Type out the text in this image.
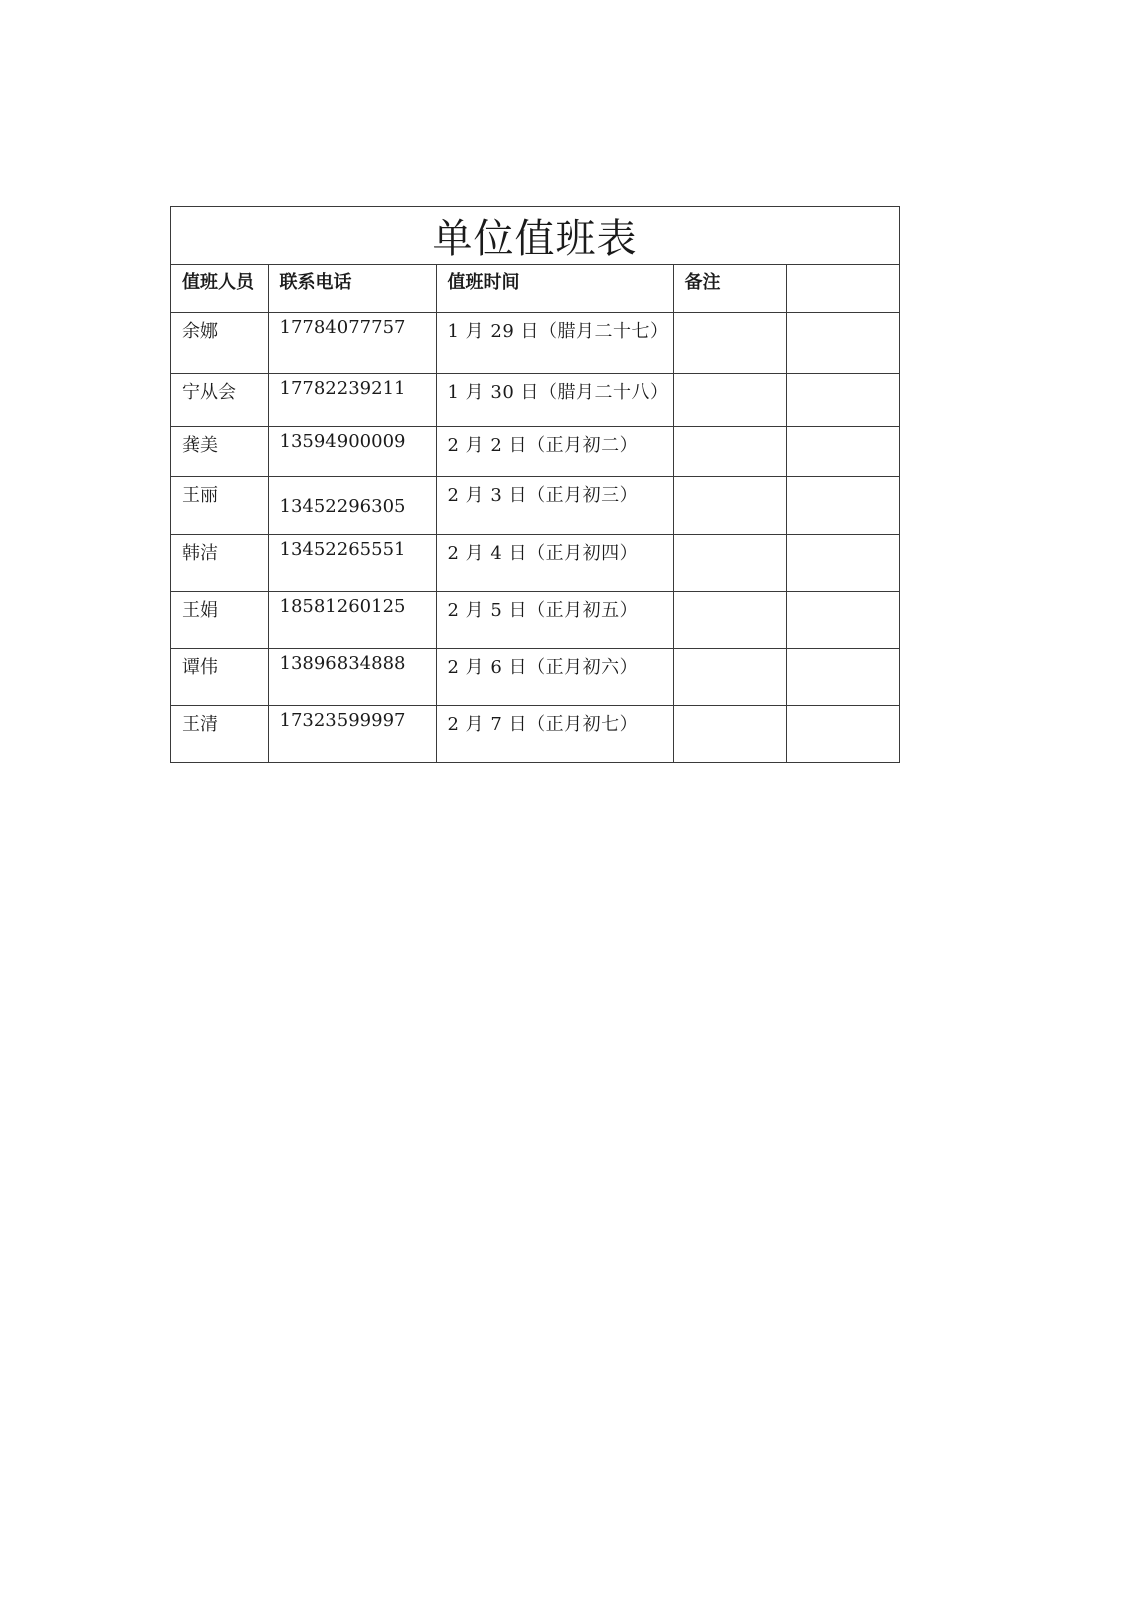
单位值班表
值班人员	联系电话	值班时间	备注	
余娜	17784077757	1 月 29 日（腊月二十七）		
宁从会	17782239211	1 月 30 日（腊月二十八）		
龚美	13594900009	2 月 2 日（正月初二）		
王丽	13452296305	2 月 3 日（正月初三）		
韩洁	13452265551	2 月 4 日（正月初四）		
王娟	18581260125	2 月 5 日（正月初五）		
谭伟	13896834888	2 月 6 日（正月初六）		
王清	17323599997	2 月 7 日（正月初七）		
